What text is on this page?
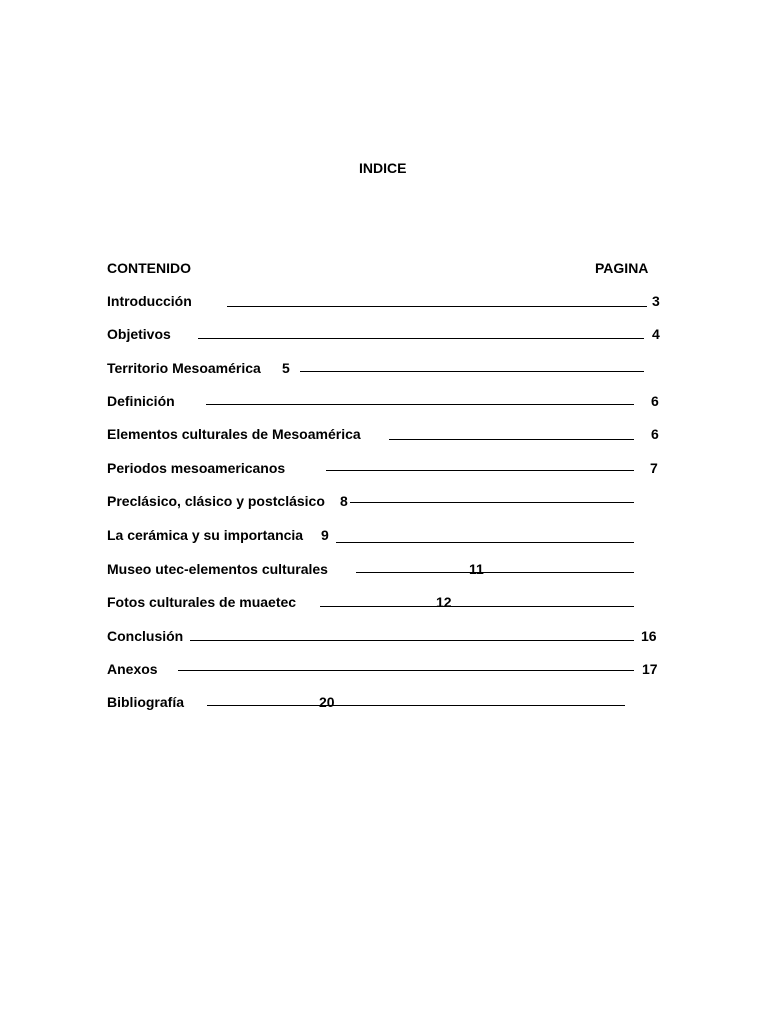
INDICE
CONTENIDO	PAGINA
Introducción	3
Objetivos	4
Territorio Mesoamérica 5
Definición	6
Elementos culturales de Mesoamérica	6
Periodos mesoamericanos	7
Preclásico, clásico y postclásico 8
La cerámica y su importancia 9
Museo utec-elementos culturales	11
Fotos culturales de muaetec	12
Conclusión	16
Anexos	17
Bibliografía	20
